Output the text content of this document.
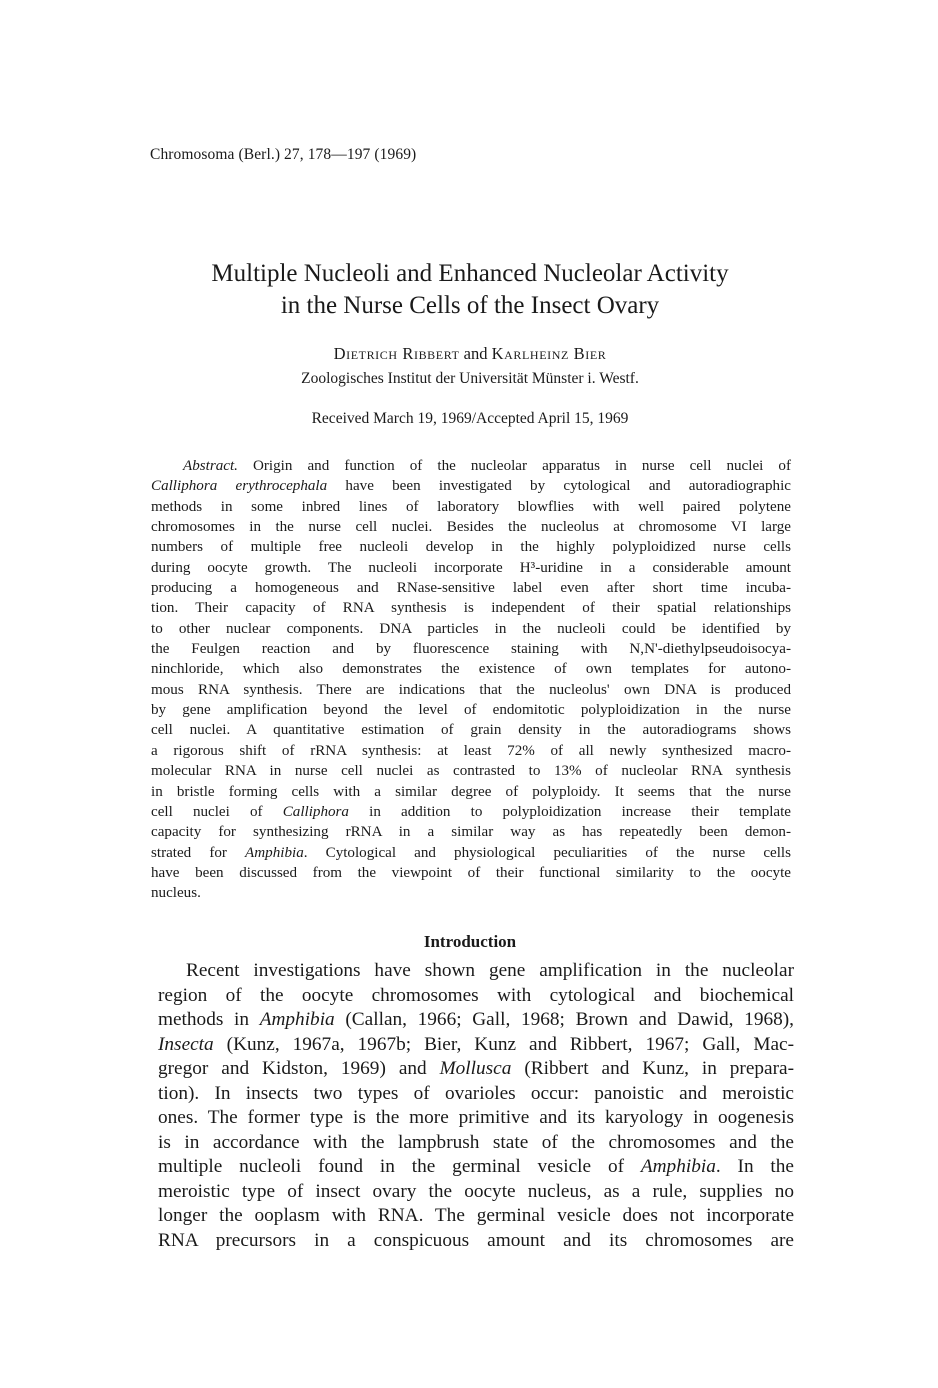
Chromosoma (Berl.) 27, 178—197 (1969)
Multiple Nucleoli and Enhanced Nucleolar Activity
in the Nurse Cells of the Insect Ovary
Dietrich Ribbert and Karlheinz Bier
Zoologisches Institut der Universität Münster i. Westf.
Received March 19, 1969/Accepted April 15, 1969
Abstract. Origin and function of the nucleolar apparatus in nurse cell nuclei of
Calliphora erythrocephala have been investigated by cytological and autoradiographic
methods in some inbred lines of laboratory blowflies with well paired polytene
chromosomes in the nurse cell nuclei. Besides the nucleolus at chromosome VI large
numbers of multiple free nucleoli develop in the highly polyploidized nurse cells
during oocyte growth. The nucleoli incorporate H³-uridine in a considerable amount
producing a homogeneous and RNase-sensitive label even after short time incuba-
tion. Their capacity of RNA synthesis is independent of their spatial relationships
to other nuclear components. DNA particles in the nucleoli could be identified by
the Feulgen reaction and by fluorescence staining with N,N'-diethylpseudoisocya-
ninchloride, which also demonstrates the existence of own templates for autono-
mous RNA synthesis. There are indications that the nucleolus' own DNA is produced
by gene amplification beyond the level of endomitotic polyploidization in the nurse
cell nuclei. A quantitative estimation of grain density in the autoradiograms shows
a rigorous shift of rRNA synthesis: at least 72% of all newly synthesized macro-
molecular RNA in nurse cell nuclei as contrasted to 13% of nucleolar RNA synthesis
in bristle forming cells with a similar degree of polyploidy. It seems that the nurse
cell nuclei of Calliphora in addition to polyploidization increase their template
capacity for synthesizing rRNA in a similar way as has repeatedly been demon-
strated for Amphibia. Cytological and physiological peculiarities of the nurse cells
have been discussed from the viewpoint of their functional similarity to the oocyte
nucleus.
Introduction
Recent investigations have shown gene amplification in the nucleolar
region of the oocyte chromosomes with cytological and biochemical
methods in Amphibia (Callan, 1966; Gall, 1968; Brown and Dawid, 1968),
Insecta (Kunz, 1967a, 1967b; Bier, Kunz and Ribbert, 1967; Gall, Mac-
gregor and Kidston, 1969) and Mollusca (Ribbert and Kunz, in prepara-
tion). In insects two types of ovarioles occur: panoistic and meroistic
ones. The former type is the more primitive and its karyology in oogenesis
is in accordance with the lampbrush state of the chromosomes and the
multiple nucleoli found in the germinal vesicle of Amphibia. In the
meroistic type of insect ovary the oocyte nucleus, as a rule, supplies no
longer the ooplasm with RNA. The germinal vesicle does not incorporate
RNA precursors in a conspicuous amount and its chromosomes are
